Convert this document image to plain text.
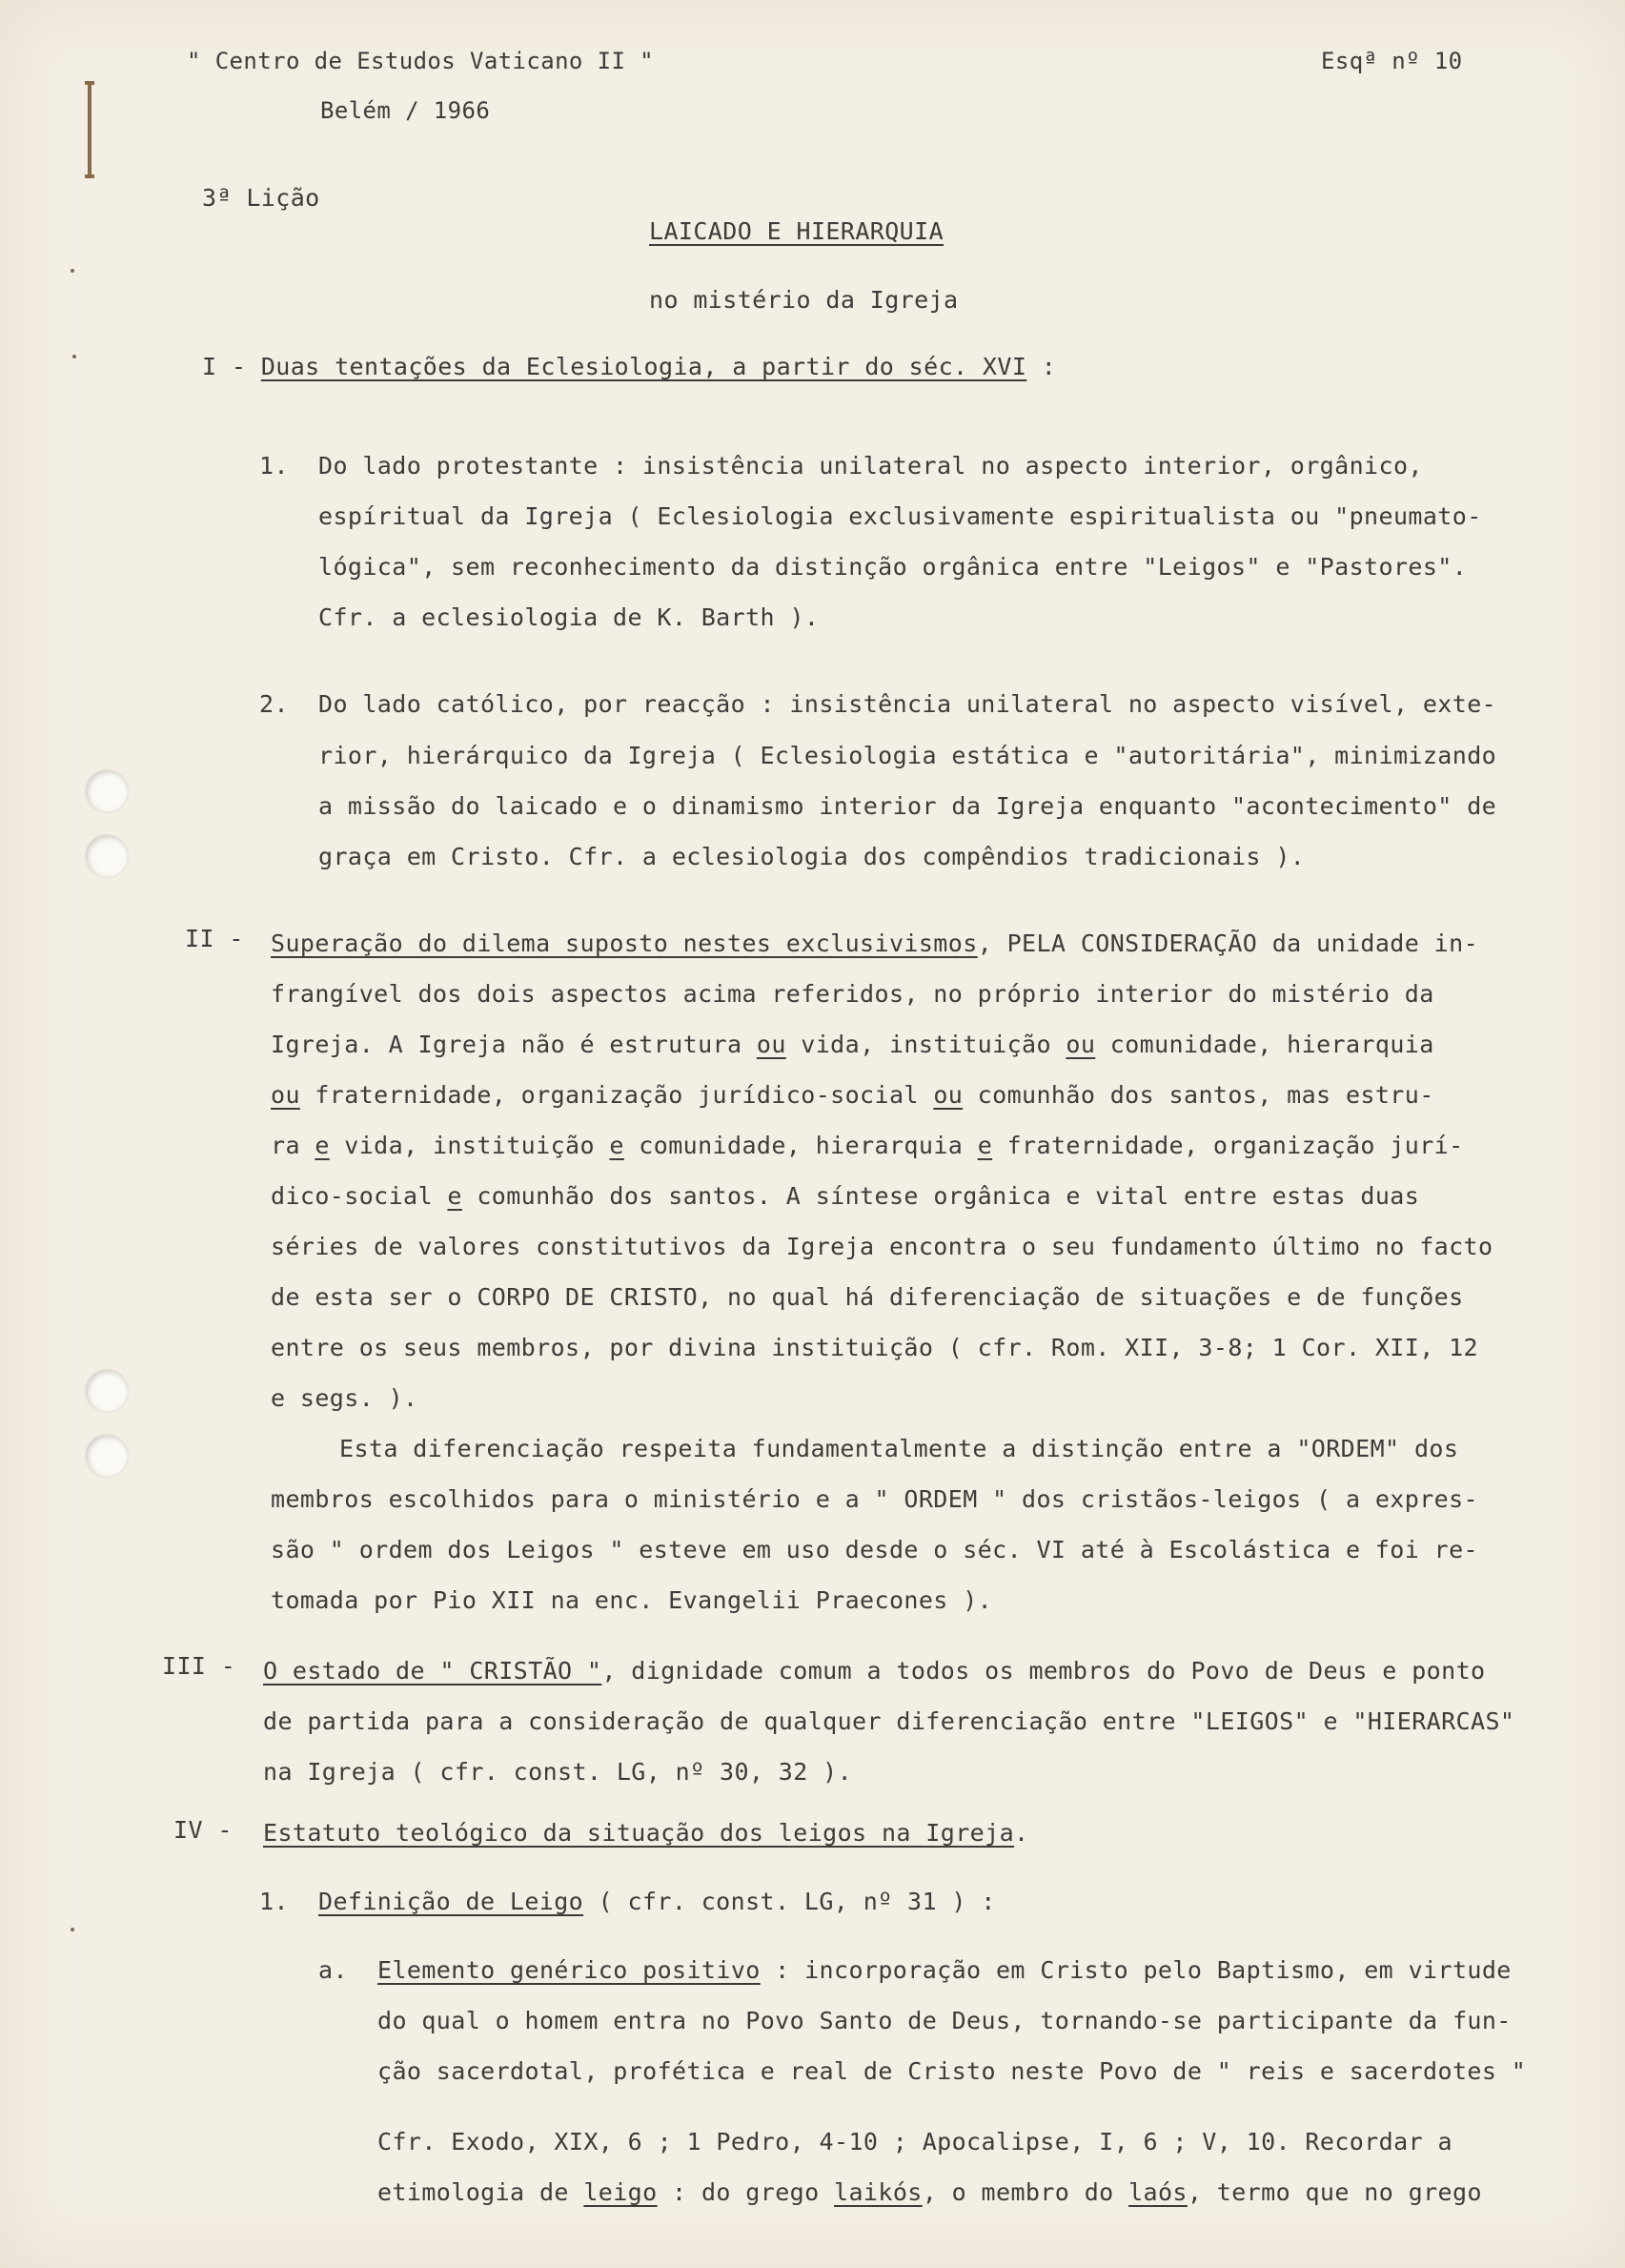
" Centro de Estudos Vaticano II "	Esqª nº 10
Belém / 1966
3ª Lição
LAICADO E HIERARQUIA
no mistério da Igreja
I - Duas tentações da Eclesiologia, a partir do séc. XVI :
1. Do lado protestante : insistência unilateral no aspecto interior, orgânico,
espíritual da Igreja ( Eclesiologia exclusivamente espiritualista ou "pneumato-
lógica", sem reconhecimento da distinção orgânica entre "Leigos" e "Pastores".
Cfr. a eclesiologia de K. Barth ).
2. Do lado católico, por reacção : insistência unilateral no aspecto visível, exte-
rior, hierárquico da Igreja ( Eclesiologia estática e "autoritária", minimizando
a missão do laicado e o dinamismo interior da Igreja enquanto "acontecimento" de
graça em Cristo. Cfr. a eclesiologia dos compêndios tradicionais ).
II - Superação do dilema suposto nestes exclusivismos, PELA CONSIDERAÇÃO da unidade in-
frangível dos dois aspectos acima referidos, no próprio interior do mistério da
Igreja. A Igreja não é estrutura ou vida, instituição ou comunidade, hierarquia
ou fraternidade, organização jurídico-social ou comunhão dos santos, mas estru-
ra e vida, instituição e comunidade, hierarquia e fraternidade, organização jurí-
dico-social e comunhão dos santos. A síntese orgânica e vital entre estas duas
séries de valores constitutivos da Igreja encontra o seu fundamento último no facto
de esta ser o CORPO DE CRISTO, no qual há diferenciação de situações e de funções
entre os seus membros, por divina instituição ( cfr. Rom. XII, 3-8; 1 Cor. XII, 12
e segs. ).
Esta diferenciação respeita fundamentalmente a distinção entre a "ORDEM" dos
membros escolhidos para o ministério e a " ORDEM " dos cristãos-leigos ( a expres-
são " ordem dos Leigos " esteve em uso desde o séc. VI até à Escolástica e foi re-
tomada por Pio XII na enc. Evangelii Praecones ).
III - O estado de " CRISTÃO ", dignidade comum a todos os membros do Povo de Deus e ponto
de partida para a consideração de qualquer diferenciação entre "LEIGOS" e "HIERARCAS"
na Igreja ( cfr. const. LG, nº 30, 32 ).
IV - Estatuto teológico da situação dos leigos na Igreja.
1. Definição de Leigo ( cfr. const. LG, nº 31 ) :
a. Elemento genérico positivo : incorporação em Cristo pelo Baptismo, em virtude
do qual o homem entra no Povo Santo de Deus, tornando-se participante da fun-
ção sacerdotal, profética e real de Cristo neste Povo de " reis e sacerdotes "
Cfr. Exodo, XIX, 6 ; 1 Pedro, 4-10 ; Apocalipse, I, 6 ; V, 10. Recordar a
etimologia de leigo : do grego laikós, o membro do laós, termo que no grego
